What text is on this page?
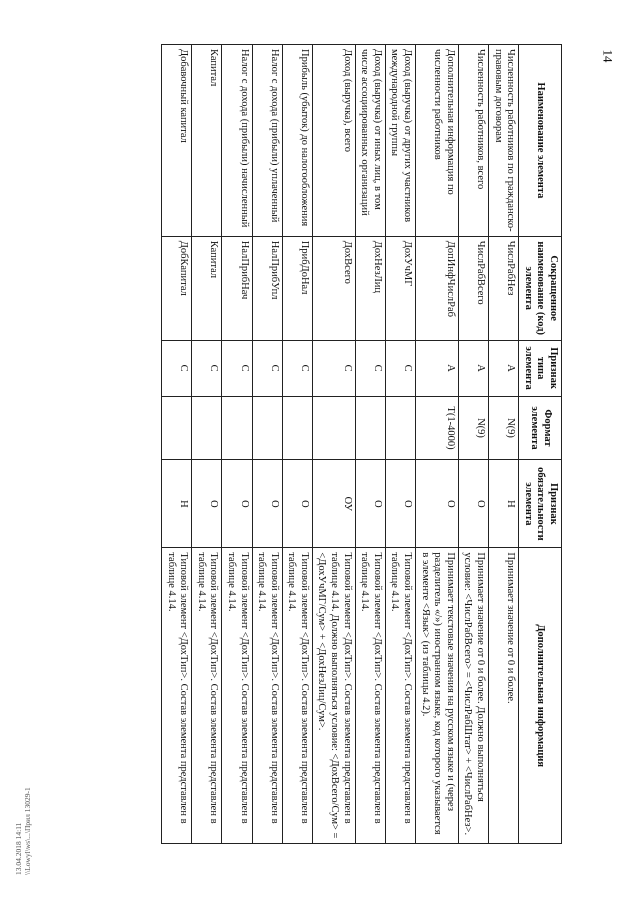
14
13.04.2018 14:11 \\Lowyl\ws\...\Прил 13029-1
Наименование элемента	Сокращенное наименование (код) элемента	Признак типа элемента	Формат элемента	Признак обязательности элемента	Дополнительная информация
Численность работников по гражданско-правовым договорам	ЧислРабНез	А	N(9)	Н	Принимает значение от 0 и более.
Численность работников, всего	ЧислРабВсего	А	N(9)	О	Принимает значение от 0 и более. Должно выполняться условие: <ЧислРабВсего> = <ЧислРабШтат> + <ЧислРабНез>.
Дополнительная информация по численности работников	ДопИнфЧислРаб	А	T(1-4000)	О	Принимает текстовые значения на русском языке и (через разделитель «/») иностранном языке, код которого указывается в элементе <Язык> (из таблицы 4.2).
Доход (выручка) от других участников международной группы	ДохУчМГ	С		О	Типовой элемент <ДохТип>. Состав элемента представлен в таблице 4.14.
Доход (выручка) от иных лиц, в том числе ассоциированных организаций	ДохНезЛиц	С		О	Типовой элемент <ДохТип>. Состав элемента представлен в таблице 4.14.
Доход (выручка), всего	ДохВсего	С		ОУ	Типовой элемент <ДохТип>. Состав элемента представлен в таблице 4.14. Должно выполняться условие: <ДохВсего/Сум> = <ДохУчМГ/Сум> + <ДохНезЛиц/Сум>.
Прибыль (убыток) до налогообложения	ПрибДоНал	С		О	Типовой элемент <ДохТип>. Состав элемента представлен в таблице 4.14.
Налог с дохода (прибыли) уплаченный	НалПрибУпл	С		О	Типовой элемент <ДохТип>. Состав элемента представлен в таблице 4.14.
Налог с дохода (прибыли) начисленный	НалПрибНач	С		О	Типовой элемент <ДохТип>. Состав элемента представлен в таблице 4.14.
Капитал	Капитал	С		О	Типовой элемент <ДохТип>. Состав элемента представлен в таблице 4.14.
Добавочный капитал	ДобКапитал	С		Н	Типовой элемент <ДохТип>. Состав элемента представлен в таблице 4.14.
